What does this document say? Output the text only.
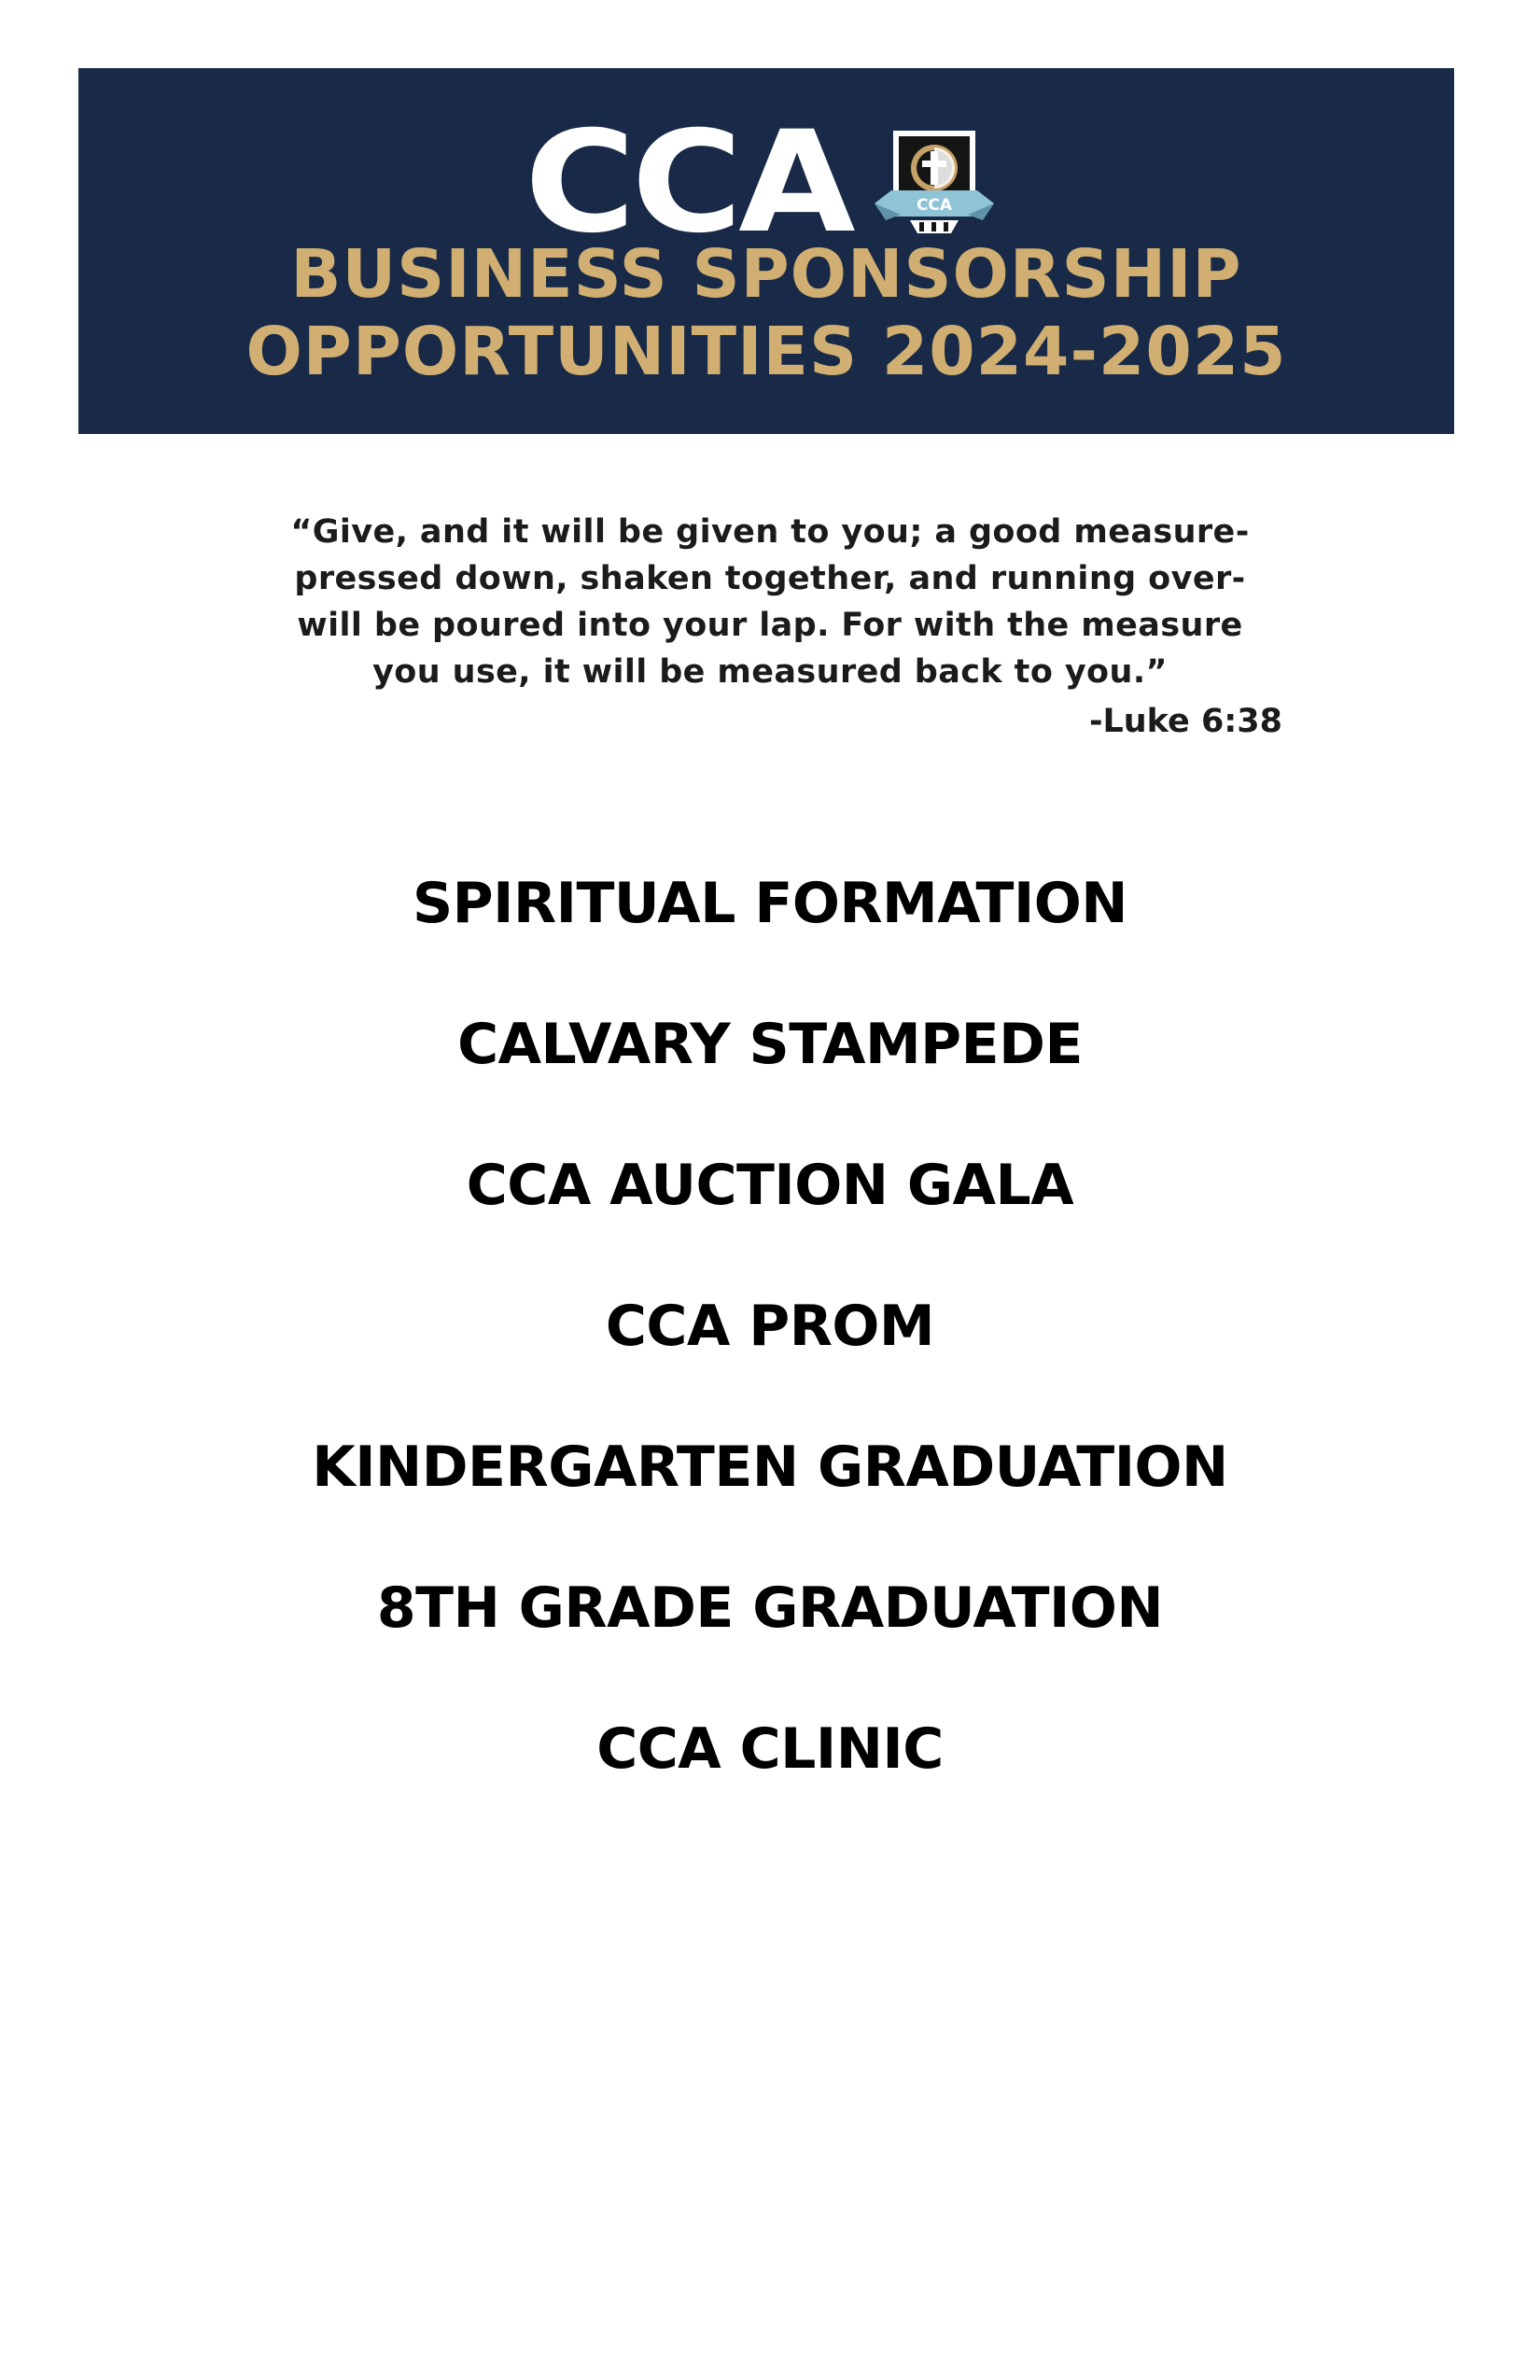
CCA	CCA
BUSINESS SPONSORSHIP
OPPORTUNITIES 2024-2025
“Give, and it will be given to you; a good measure-
pressed down, shaken together, and running over-
will be poured into your lap. For with the measure
you use, it will be measured back to you.”
-Luke 6:38
SPIRITUAL FORMATION
CALVARY STAMPEDE
CCA AUCTION GALA
CCA PROM
KINDERGARTEN GRADUATION
8TH GRADE GRADUATION
CCA CLINIC
